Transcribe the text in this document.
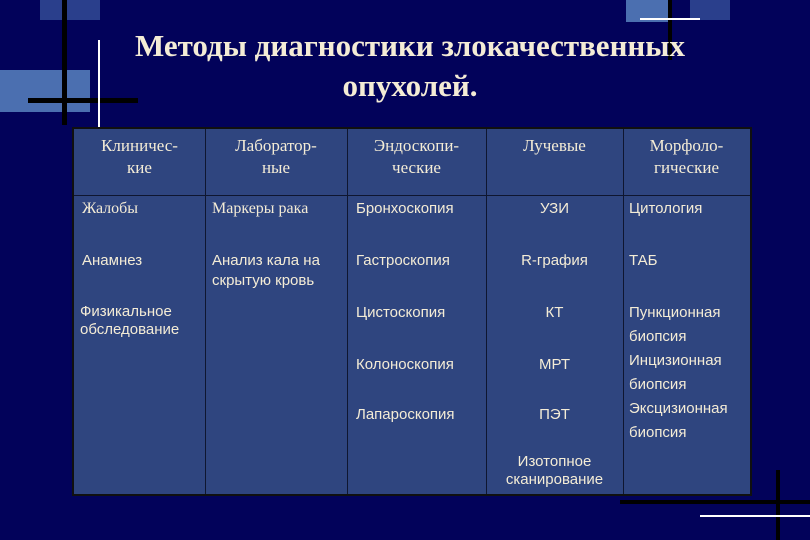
Методы диагностики злокачественных
опухолей.
Клиничес-
кие
Лаборатор-
ные
Эндоскопи-
ческие
Лучевые	Морфоло-
гические
Жалобы
Анамнез
Физикальное
обследование
Маркеры рака
Анализ кала на
скрытую кровь
Бронхоскопия
Гастроскопия
Цистоскопия
Колоноскопия
Лапароскопия
УЗИ
R-графия
КТ
МРТ
ПЭТ
Изотопное
сканирование
Цитология
ТАБ
Пункционная
биопсия
Инцизионная
биопсия
Эксцизионная
биопсия
